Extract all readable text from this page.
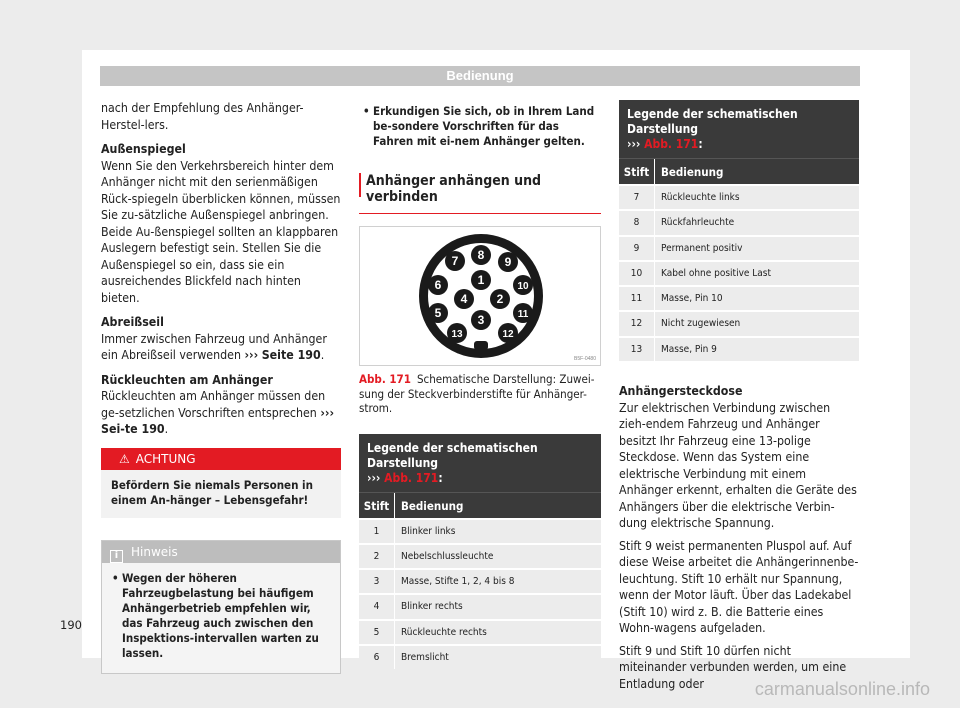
Bedienung

nach der Empfehlung des Anhänger-Herstel-lers.

Außenspiegel
Wenn Sie den Verkehrsbereich hinter dem Anhänger nicht mit den serienmäßigen Rück-spiegeln überblicken können, müssen Sie zu-sätzliche Außenspiegel anbringen. Beide Au-ßenspiegel sollten an klappbaren Auslegern befestigt sein. Stellen Sie die Außenspiegel so ein, dass sie ein ausreichendes Blickfeld nach hinten bieten.

Abreißseil
Immer zwischen Fahrzeug und Anhänger ein Abreißseil verwenden ››› Seite 190.

Rückleuchten am Anhänger
Rückleuchten am Anhänger müssen den ge-setzlichen Vorschriften entsprechen ››› Sei-te 190.

⚠ ACHTUNG
Befördern Sie niemals Personen in einem An-hänger – Lebensgefahr!
i Hinweis
• Wegen der höheren Fahrzeugbelastung bei häufigem Anhängerbetrieb empfehlen wir, das Fahrzeug auch zwischen den Inspektions-intervallen warten zu lassen.
• Erkundigen Sie sich, ob in Ihrem Land be-sondere Vorschriften für das Fahren mit ei-nem Anhänger gelten.
Anhänger anhängen und verbinden
1
2
3
4
5
6
7 8 9
10
11
12
13
B5F-0480
Abb. 171 Schematische Darstellung: Zuwei-sung der Steckverbinderstifte für Anhänger-strom.
Legende der schematischen Darstellung
››› Abb. 171:
Stift	Bedienung
1	Blinker links
2	Nebelschlussleuchte
3	Masse, Stifte 1, 2, 4 bis 8
4	Blinker rechts
5	Rückleuchte rechts
6	Bremslicht
Legende der schematischen Darstellung
››› Abb. 171:
Stift	Bedienung
7	Rückleuchte links
8	Rückfahrleuchte
9	Permanent positiv
10	Kabel ohne positive Last
11	Masse, Pin 10
12	Nicht zugewiesen
13	Masse, Pin 9

Anhängersteckdose

Zur elektrischen Verbindung zwischen zieh-endem Fahrzeug und Anhänger besitzt Ihr Fahrzeug eine 13-polige Steckdose. Wenn das System eine elektrische Verbindung mit einem Anhänger erkennt, erhalten die Geräte des Anhängers über die elektrische Verbin-dung elektrische Spannung.

Stift 9 weist permanenten Pluspol auf. Auf diese Weise arbeitet die Anhängerinnenbe-leuchtung. Stift 10 erhält nur Spannung, wenn der Motor läuft. Über das Ladekabel (Stift 10) wird z. B. die Batterie eines Wohn-wagens aufgeladen.

Stift 9 und Stift 10 dürfen nicht miteinander verbunden werden, um eine Entladung oder

190
carmanualsonline.info
